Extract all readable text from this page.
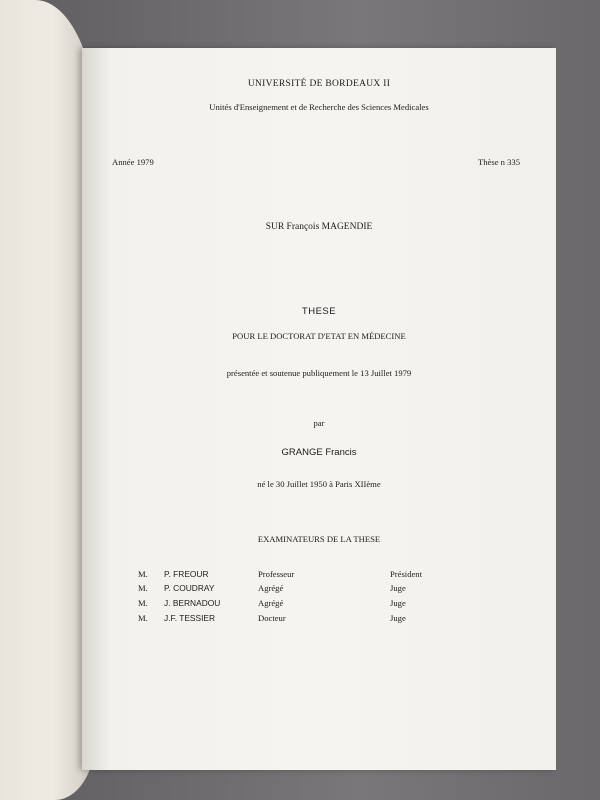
UNIVERSITÉ DE BORDEAUX II
Unités d'Enseignement et de Recherche des Sciences Medicales
Année 1979	Thèse n 335
SUR François MAGENDIE
THESE
POUR LE DOCTORAT D'ETAT EN MÉDECINE
présentée et soutenue publiquement le 13 Juillet 1979
par
GRANGE Francis
né le 30 Juillet 1950 à Paris XIIème
EXAMINATEURS DE LA THESE
M. P. FREOUR	Professeur	Président
M. P. COUDRAY	Agrégé	Juge
M. J. BERNADOU	Agrégé	Juge
M. J.F. TESSIER	Docteur	Juge
